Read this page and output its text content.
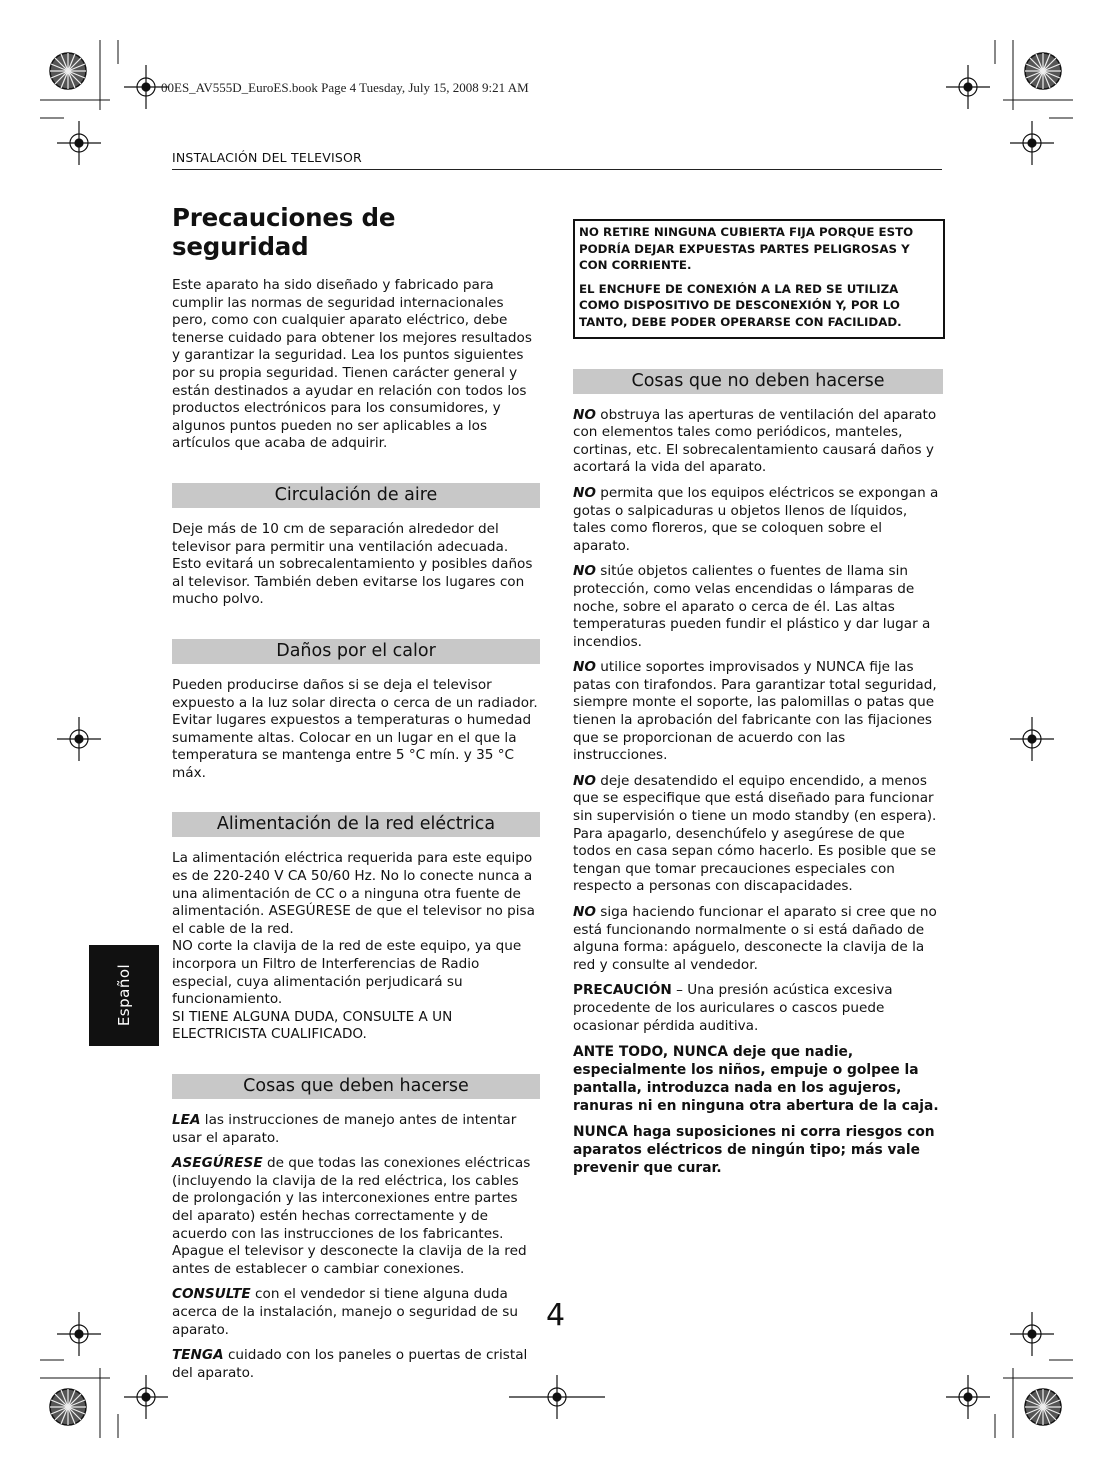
00ES_AV555D_EuroES.book Page 4 Tuesday, July 15, 2008 9:21 AM
INSTALACIÓN DEL TELEVISOR
Precauciones de seguridad

Este aparato ha sido diseñado y fabricado para cumplir las normas de seguridad internacionales pero, como con cualquier aparato eléctrico, debe tenerse cuidado para obtener los mejores resultados y garantizar la seguridad. Lea los puntos siguientes por su propia seguridad. Tienen carácter general y están destinados a ayudar en relación con todos los productos electrónicos para los consumidores, y algunos puntos pueden no ser aplicables a los artículos que acaba de adquirir.

Circulación de aire

Deje más de 10 cm de separación alrededor del televisor para permitir una ventilación adecuada. Esto evitará un sobrecalentamiento y posibles daños al televisor. También deben evitarse los lugares con mucho polvo.

Daños por el calor

Pueden producirse daños si se deja el televisor expuesto a la luz solar directa o cerca de un radiador. Evitar lugares expuestos a temperaturas o humedad sumamente altas. Colocar en un lugar en el que la temperatura se mantenga entre 5 °C mín. y 35 °C máx.

Alimentación de la red eléctrica

La alimentación eléctrica requerida para este equipo es de 220-240 V CA 50/60 Hz. No lo conecte nunca a una alimentación de CC o a ninguna otra fuente de alimentación. ASEGÚRESE de que el televisor no pisa el cable de la red.

NO corte la clavija de la red de este equipo, ya que incorpora un Filtro de Interferencias de Radio especial, cuya alimentación perjudicará su funcionamiento.

SI TIENE ALGUNA DUDA, CONSULTE A UN ELECTRICISTA CUALIFICADO.

Cosas que deben hacerse

LEA las instrucciones de manejo antes de intentar usar el aparato.

ASEGÚRESE de que todas las conexiones eléctricas (incluyendo la clavija de la red eléctrica, los cables de prolongación y las interconexiones entre partes del aparato) estén hechas correctamente y de acuerdo con las instrucciones de los fabricantes. Apague el televisor y desconecte la clavija de la red antes de establecer o cambiar conexiones.

CONSULTE con el vendedor si tiene alguna duda acerca de la instalación, manejo o seguridad de su aparato.

TENGA cuidado con los paneles o puertas de cristal del aparato.

NO RETIRE NINGUNA CUBIERTA FIJA PORQUE ESTO PODRÍA DEJAR EXPUESTAS PARTES PELIGROSAS Y CON CORRIENTE.

EL ENCHUFE DE CONEXIÓN A LA RED SE UTILIZA COMO DISPOSITIVO DE DESCONEXIÓN Y, POR LO TANTO, DEBE PODER OPERARSE CON FACILIDAD.

Cosas que no deben hacerse

NO obstruya las aperturas de ventilación del aparato con elementos tales como periódicos, manteles, cortinas, etc. El sobrecalentamiento causará daños y acortará la vida del aparato.

NO permita que los equipos eléctricos se expongan a gotas o salpicaduras u objetos llenos de líquidos, tales como floreros, que se coloquen sobre el aparato.

NO sitúe objetos calientes o fuentes de llama sin protección, como velas encendidas o lámparas de noche, sobre el aparato o cerca de él. Las altas temperaturas pueden fundir el plástico y dar lugar a incendios.

NO utilice soportes improvisados y NUNCA fije las patas con tirafondos. Para garantizar total seguridad, siempre monte el soporte, las palomillas o patas que tienen la aprobación del fabricante con las fijaciones que se proporcionan de acuerdo con las instrucciones.

NO deje desatendido el equipo encendido, a menos que se especifique que está diseñado para funcionar sin supervisión o tiene un modo standby (en espera). Para apagarlo, desenchúfelo y asegúrese de que todos en casa sepan cómo hacerlo. Es posible que se tengan que tomar precauciones especiales con respecto a personas con discapacidades.

NO siga haciendo funcionar el aparato si cree que no está funcionando normalmente o si está dañado de alguna forma: apáguelo, desconecte la clavija de la red y consulte al vendedor.

PRECAUCIÓN – Una presión acústica excesiva procedente de los auriculares o cascos puede ocasionar pérdida auditiva.

ANTE TODO, NUNCA deje que nadie, especialmente los niños, empuje o golpee la pantalla, introduzca nada en los agujeros, ranuras ni en ninguna otra abertura de la caja.

NUNCA haga suposiciones ni corra riesgos con aparatos eléctricos de ningún tipo; más vale prevenir que curar.

Español
4
